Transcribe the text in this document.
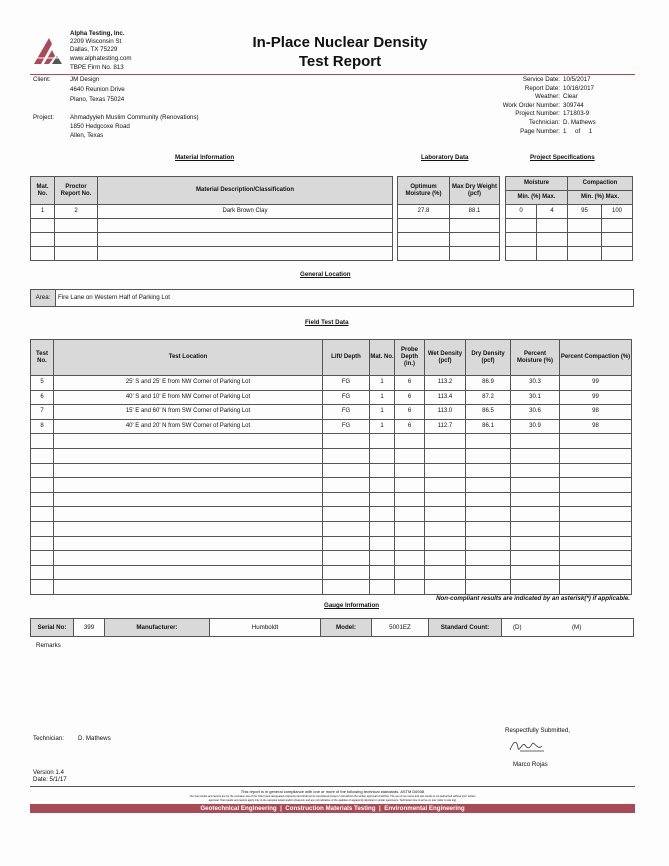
Alpha Testing, Inc.
2209 Wisconsin St
Dallas, TX 75229
www.alphatesting.com
TBPE Firm No. 813
In-Place Nuclear Density
Test Report
Client:	JM Design
4640 Reunion Drive
Plano, Texas 75024
Project:	Ahmadyyieh Muslim Community (Renovations)
1850 Hedgcoxe Road
Allen, Texas
Service Date: 10/5/2017
Report Date: 10/16/2017
Weather: Clear
Work Order Number: 309744
Project Number: 171803-9
Technician: D. Mathews
Page Number: 1     of     1
Material Information	Laboratory Data	Project Specifications
Mat. No.	Proctor Report No.	Material Description/Classification
1	2	Dark Brown Clay

Optimum Moisture (%)	Max Dry Weight (pcf)
27.8	88.1

Moisture		Compaction	
Min. (%) Max.		Min. (%) Max.	
0	4	95	100

General Location
Area:	Fire Lane on Western Half of Parking Lot
Field Test Data
Test No.	Test Location	Lift/ Depth	Mat. No.	Probe Depth (in.)	Wet Density (pcf)	Dry Density (pcf)	Percent Moisture (%)	Percent Compaction (%)
5	25' S and 25' E from NW Corner of Parking Lot	FG	1	6	113.2	86.9	30.3	99
6	40' S and 10' E from NW Corner of Parking Lot	FG	1	6	113.4	87.2	30.1	99
7	15' E and 60' N from SW Corner of Parking Lot	FG	1	6	113.0	86.5	30.6	98
8	40' E and 20' N from SW Corner of Parking Lot	FG	1	6	112.7	86.1	30.9	98

Gauge Information
Non-compliant results are indicated by an asterisk(*) if applicable.
Serial No:	399	Manufacturer:	Humboldt	Model:	5001EZ	Standard Count:	(D)	(M)
Remarks
Technician: D. Mathews
Respectfully Submitted,
Marco Rojas
Version 1.4
Date: 5/1/17
This report is in general compliance with one or more of the following technical standards. ASTM D6938
Our test results and reports are for the exclusive use of the Client (and designated recipients) and shall not be reproduced except in full without the written approval of ALPHA. The use of our name and test results is not authorized without prior written
approval. Test results and reports apply only to the samples tested and/or observed, and are not indicative of the qualities of apparently identical or similar specimens. Technician time to arrive on site: (refer to site log)
Geotechnical Engineering  |  Construction Materials Testing  |  Environmental Engineering
